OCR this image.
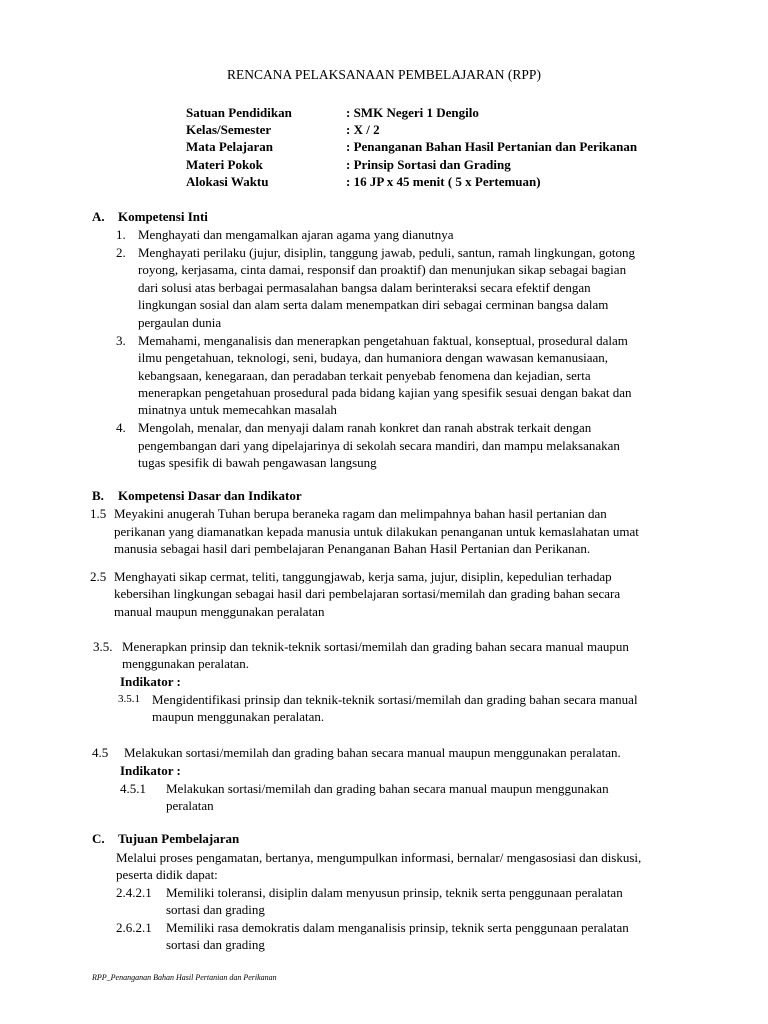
RENCANA PELAKSANAAN PEMBELAJARAN (RPP)
Satuan Pendidikan	: SMK Negeri 1 Dengilo
Kelas/Semester	: X / 2
Mata Pelajaran	: Penanganan Bahan Hasil Pertanian dan Perikanan
Materi Pokok	: Prinsip Sortasi dan Grading
Alokasi Waktu	: 16 JP x 45 menit ( 5 x Pertemuan)
A. Kompetensi Inti
1. Menghayati dan mengamalkan ajaran agama yang dianutnya
2. Menghayati perilaku (jujur, disiplin, tanggung jawab, peduli, santun, ramah lingkungan, gotong
royong, kerjasama, cinta damai, responsif dan proaktif) dan menunjukan sikap sebagai bagian
dari solusi atas berbagai permasalahan bangsa dalam berinteraksi secara efektif dengan
lingkungan sosial dan alam serta dalam menempatkan diri sebagai cerminan bangsa dalam
pergaulan dunia
3. Memahami, menganalisis dan menerapkan pengetahuan faktual, konseptual, prosedural dalam
ilmu pengetahuan, teknologi, seni, budaya, dan humaniora dengan wawasan kemanusiaan,
kebangsaan, kenegaraan, dan peradaban terkait penyebab fenomena dan kejadian, serta
menerapkan pengetahuan prosedural pada bidang kajian yang spesifik sesuai dengan bakat dan
minatnya untuk memecahkan masalah
4. Mengolah, menalar, dan menyaji dalam ranah konkret dan ranah abstrak terkait dengan
pengembangan dari yang dipelajarinya di sekolah secara mandiri, dan mampu melaksanakan
tugas spesifik di bawah pengawasan langsung
B. Kompetensi Dasar dan Indikator
1.5 Meyakini anugerah Tuhan berupa beraneka ragam dan melimpahnya bahan hasil pertanian dan
perikanan yang diamanatkan kepada manusia untuk dilakukan penanganan untuk kemaslahatan umat
manusia sebagai hasil dari pembelajaran Penanganan Bahan Hasil Pertanian dan Perikanan.
2.5 Menghayati sikap cermat, teliti, tanggungjawab, kerja sama, jujur, disiplin, kepedulian terhadap
kebersihan lingkungan sebagai hasil dari pembelajaran sortasi/memilah dan grading bahan secara
manual maupun menggunakan peralatan
3.5. Menerapkan prinsip dan teknik-teknik sortasi/memilah dan grading bahan secara manual maupun
menggunakan peralatan.
Indikator :
3.5.1 Mengidentifikasi prinsip dan teknik-teknik sortasi/memilah dan grading bahan secara manual
maupun menggunakan peralatan.
4.5 Melakukan sortasi/memilah dan grading bahan secara manual maupun menggunakan peralatan.
Indikator :
4.5.1 Melakukan sortasi/memilah dan grading bahan secara manual maupun menggunakan
peralatan
C. Tujuan Pembelajaran
Melalui proses pengamatan, bertanya, mengumpulkan informasi, bernalar/ mengasosiasi dan diskusi,
peserta didik dapat:
2.4.2.1 Memiliki toleransi, disiplin dalam menyusun prinsip, teknik serta penggunaan peralatan
sortasi dan grading
2.6.2.1 Memiliki rasa demokratis dalam menganalisis prinsip, teknik serta penggunaan peralatan
sortasi dan grading
RPP_Penanganan Bahan Hasil Pertanian dan Perikanan
